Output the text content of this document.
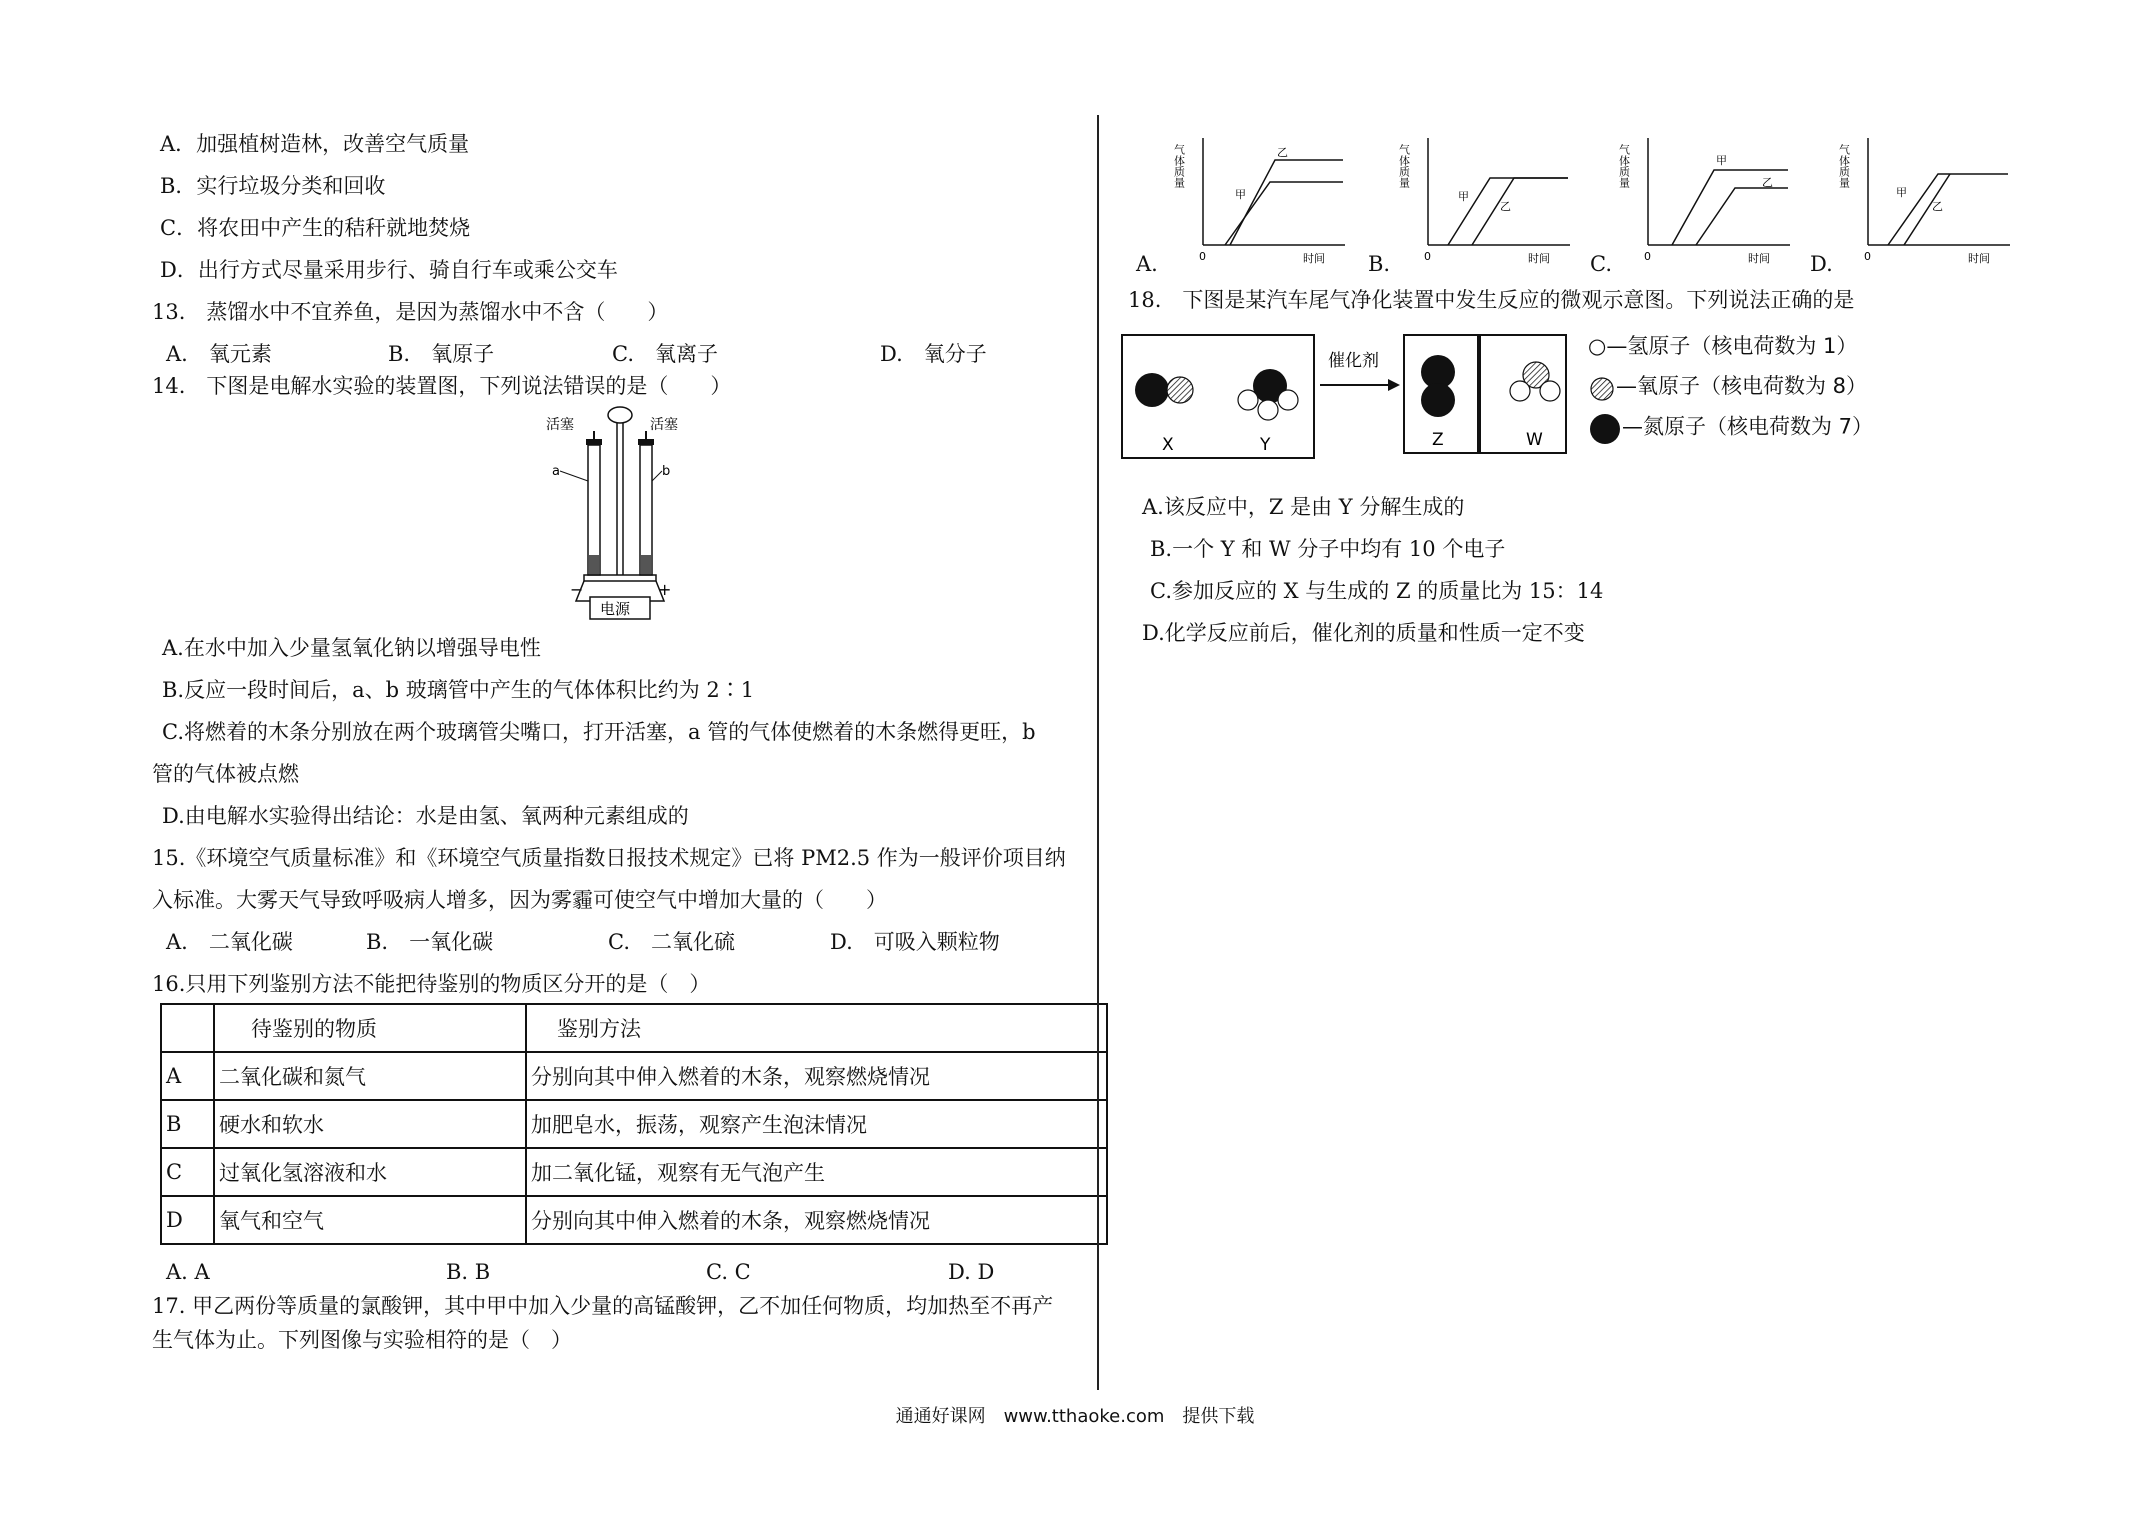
A．加强植树造林，改善空气质量
B．实行垃圾分类和回收
C．将农田中产生的秸秆就地焚烧
D．出行方式尽量采用步行、骑自行车或乘公交车
13.　蒸馏水中不宜养鱼，是因为蒸馏水中不含（　　）
A.　氧元素	B.　氧原子	C.　氧离子	D.　氧分子
14.　下图是电解水实验的装置图，下列说法错误的是（　　）
活塞	活塞
a	b
−	+
电源
A.在水中加入少量氢氧化钠以增强导电性
B.反应一段时间后，a、b 玻璃管中产生的气体体积比约为 2∶1
C.将燃着的木条分别放在两个玻璃管尖嘴口，打开活塞，a 管的气体使燃着的木条燃得更旺，b
管的气体被点燃
D.由电解水实验得出结论：水是由氢、氧两种元素组成的
15.《环境空气质量标准》和《环境空气质量指数日报技术规定》已将 PM2.5 作为一般评价项目纳
入标准。大雾天气导致呼吸病人增多，因为雾霾可使空气中增加大量的（　　）
A.　二氧化碳	B.　一氧化碳	C.　二氧化硫	D.　可吸入颗粒物
16.只用下列鉴别方法不能把待鉴别的物质区分开的是（　）
	待鉴别的物质	鉴别方法
A	二氧化碳和氮气	分别向其中伸入燃着的木条，观察燃烧情况
B	硬水和软水	加肥皂水，振荡，观察产生泡沫情况
C	过氧化氢溶液和水	加二氧化锰，观察有无气泡产生
D	氧气和空气	分别向其中伸入燃着的木条，观察燃烧情况
A. A	B. B	C. C	D. D
17. 甲乙两份等质量的氯酸钾，其中甲中加入少量的高锰酸钾，乙不加任何物质，均加热至不再产
生气体为止。下列图像与实验相符的是（　）
A.	B.	C.	D.
气体质量
0	时间
乙
甲
气体质量
0	时间
甲
乙
气体质量
0	时间
甲
乙	气体质量
0	时间
甲
乙
18.　下图是某汽车尾气净化装置中发生反应的微观示意图。下列说法正确的是
X	Y
催化剂
Z	W
○—氢原子（核电荷数为 1）
—氧原子（核电荷数为 8）
—氮原子（核电荷数为 7）
A.该反应中，Z 是由 Y 分解生成的
B.一个 Y 和 W 分子中均有 10 个电子
C.参加反应的 X 与生成的 Z 的质量比为 15：14
D.化学反应前后，催化剂的质量和性质一定不变
通通好课网　www.tthaoke.com　提供下载
